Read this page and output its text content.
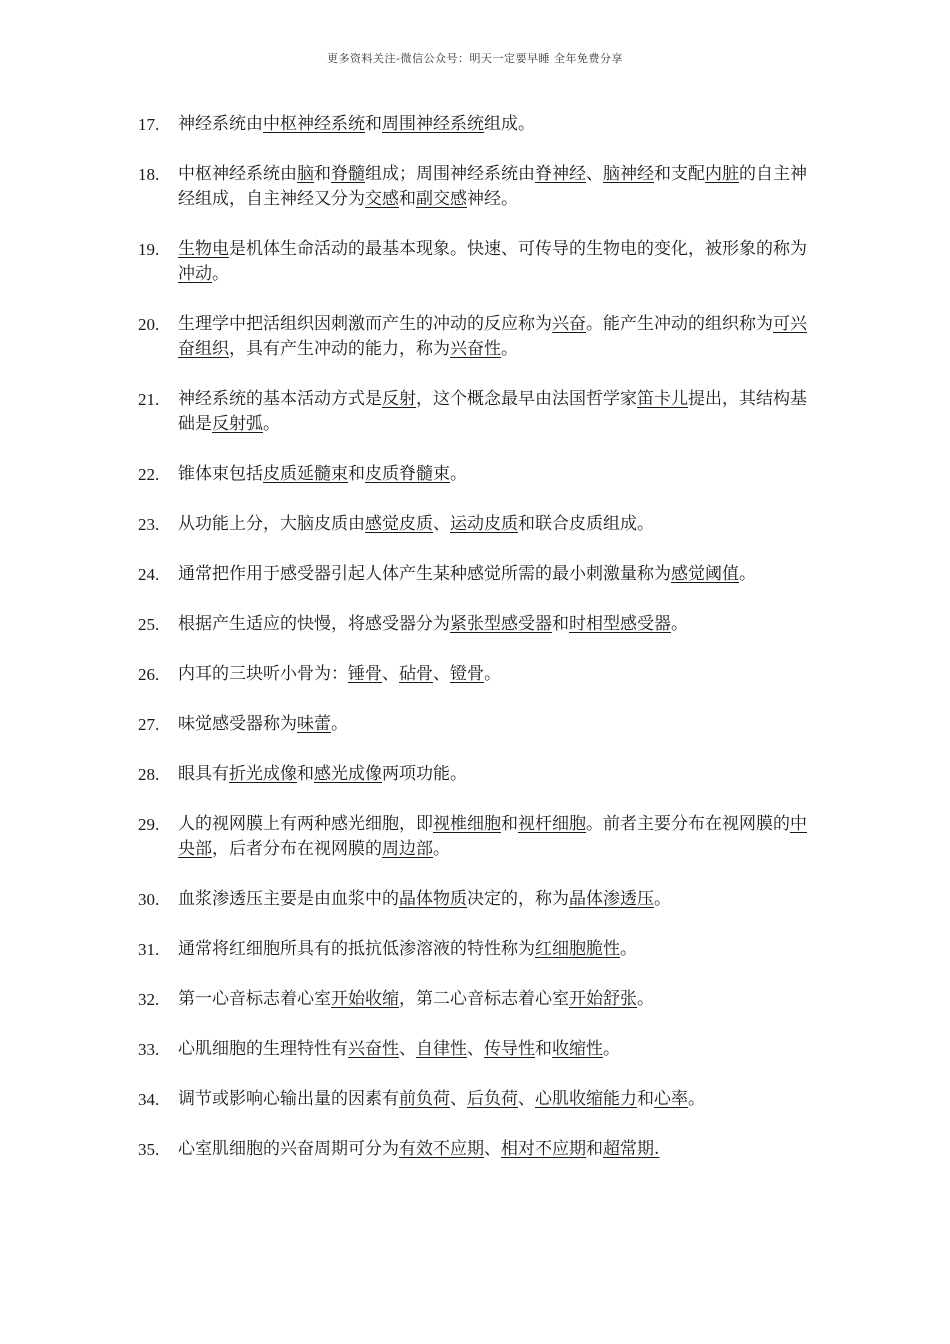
更多资料关注-微信公众号：明天一定要早睡 全年免费分享
17.	神经系统由中枢神经系统和周围神经系统组成。
18.	中枢神经系统由脑和脊髓组成；周围神经系统由脊神经、脑神经和支配内脏的自主神经组成，自主神经又分为交感和副交感神经。
19.	生物电是机体生命活动的最基本现象。快速、可传导的生物电的变化，被形象的称为冲动。
20.	生理学中把活组织因刺激而产生的冲动的反应称为兴奋。能产生冲动的组织称为可兴奋组织，具有产生冲动的能力，称为兴奋性。
21.	神经系统的基本活动方式是反射，这个概念最早由法国哲学家笛卡儿提出，其结构基础是反射弧。
22.	锥体束包括皮质延髓束和皮质脊髓束。
23.	从功能上分，大脑皮质由感觉皮质、运动皮质和联合皮质组成。
24.	通常把作用于感受器引起人体产生某种感觉所需的最小刺激量称为感觉阈值。
25.	根据产生适应的快慢，将感受器分为紧张型感受器和时相型感受器。
26.	内耳的三块听小骨为：锤骨、砧骨、镫骨。
27.	味觉感受器称为味蕾。
28.	眼具有折光成像和感光成像两项功能。
29.	人的视网膜上有两种感光细胞，即视椎细胞和视杆细胞。前者主要分布在视网膜的中央部，后者分布在视网膜的周边部。
30.	血浆渗透压主要是由血浆中的晶体物质决定的，称为晶体渗透压。
31.	通常将红细胞所具有的抵抗低渗溶液的特性称为红细胞脆性。
32.	第一心音标志着心室开始收缩，第二心音标志着心室开始舒张。
33.	心肌细胞的生理特性有兴奋性、自律性、传导性和收缩性。
34.	调节或影响心输出量的因素有前负荷、后负荷、心肌收缩能力和心率。
35.	心室肌细胞的兴奋周期可分为有效不应期、相对不应期和超常期.
